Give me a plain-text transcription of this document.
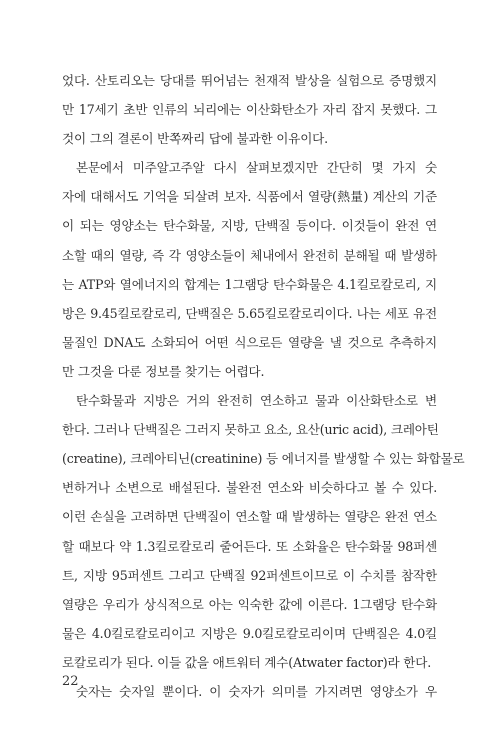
었다. 산토리오는 당대를 뛰어넘는 천재적 발상을 실험으로 증명했지
만 17세기 초반 인류의 뇌리에는 이산화탄소가 자리 잡지 못했다. 그
것이 그의 결론이 반쪽짜리 답에 불과한 이유이다.
본문에서 미주알고주알 다시 살펴보겠지만 간단히 몇 가지 숫
자에 대해서도 기억을 되살려 보자. 식품에서 열량(熱量) 계산의 기준
이 되는 영양소는 탄수화물, 지방, 단백질 등이다. 이것들이 완전 연
소할 때의 열량, 즉 각 영양소들이 체내에서 완전히 분해될 때 발생하
는 ATP와 열에너지의 합계는 1그램당 탄수화물은 4.1킬로칼로리, 지
방은 9.45킬로칼로리, 단백질은 5.65킬로칼로리이다. 나는 세포 유전
물질인 DNA도 소화되어 어떤 식으로든 열량을 낼 것으로 추측하지
만 그것을 다룬 정보를 찾기는 어렵다.
탄수화물과 지방은 거의 완전히 연소하고 물과 이산화탄소로 변
한다. 그러나 단백질은 그러지 못하고 요소, 요산(uric acid), 크레아틴
(creatine), 크레아티닌(creatinine) 등 에너지를 발생할 수 있는 화합물로
변하거나 소변으로 배설된다. 불완전 연소와 비슷하다고 볼 수 있다.
이런 손실을 고려하면 단백질이 연소할 때 발생하는 열량은 완전 연소
할 때보다 약 1.3킬로칼로리 줄어든다. 또 소화율은 탄수화물 98퍼센
트, 지방 95퍼센트 그리고 단백질 92퍼센트이므로 이 수치를 참작한
열량은 우리가 상식적으로 아는 익숙한 값에 이른다. 1그램당 탄수화
물은 4.0킬로칼로리이고 지방은 9.0킬로칼로리이며 단백질은 4.0킬
로칼로리가 된다. 이들 값을 애트워터 계수(Atwater factor)라 한다.
숫자는 숫자일 뿐이다. 이 숫자가 의미를 가지려면 영양소가 우
22
